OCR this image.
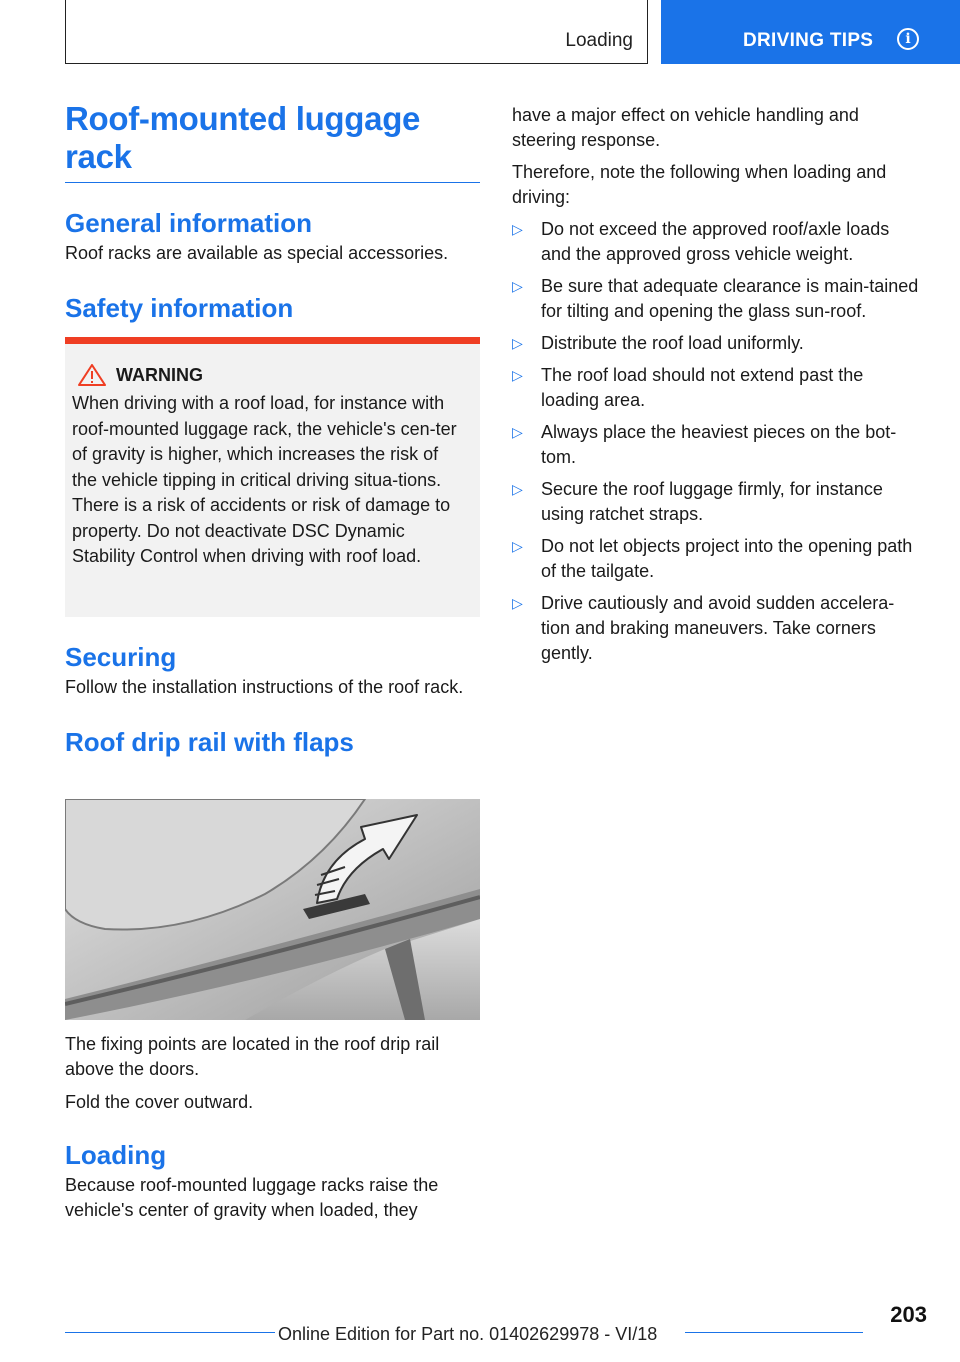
Loading	DRIVING TIPS	i
Roof-mounted luggage rack
General information

Roof racks are available as special accessories.

Safety information
WARNING

When driving with a roof load, for instance with roof-mounted luggage rack, the vehicle's cen‐ter of gravity is higher, which increases the risk of the vehicle tipping in critical driving situa‐tions. There is a risk of accidents or risk of damage to property. Do not deactivate DSC Dynamic Stability Control when driving with roof load.

Securing

Follow the installation instructions of the roof rack.

Roof drip rail with flaps

The fixing points are located in the roof drip rail above the doors.

Fold the cover outward.

Loading

Because roof-mounted luggage racks raise the vehicle's center of gravity when loaded, they

have a major effect on vehicle handling and steering response.

Therefore, note the following when loading and driving:

▷	Do not exceed the approved roof/axle loads and the approved gross vehicle weight.
▷	Be sure that adequate clearance is main‐tained for tilting and opening the glass sun‐roof.
▷	Distribute the roof load uniformly.
▷	The roof load should not extend past the loading area.
▷	Always place the heaviest pieces on the bot‐tom.
▷	Secure the roof luggage firmly, for instance using ratchet straps.
▷	Do not let objects project into the opening path of the tailgate.
▷	Drive cautiously and avoid sudden accelera‐tion and braking maneuvers. Take corners gently.
203
Online Edition for Part no. 01402629978 - VI/18
